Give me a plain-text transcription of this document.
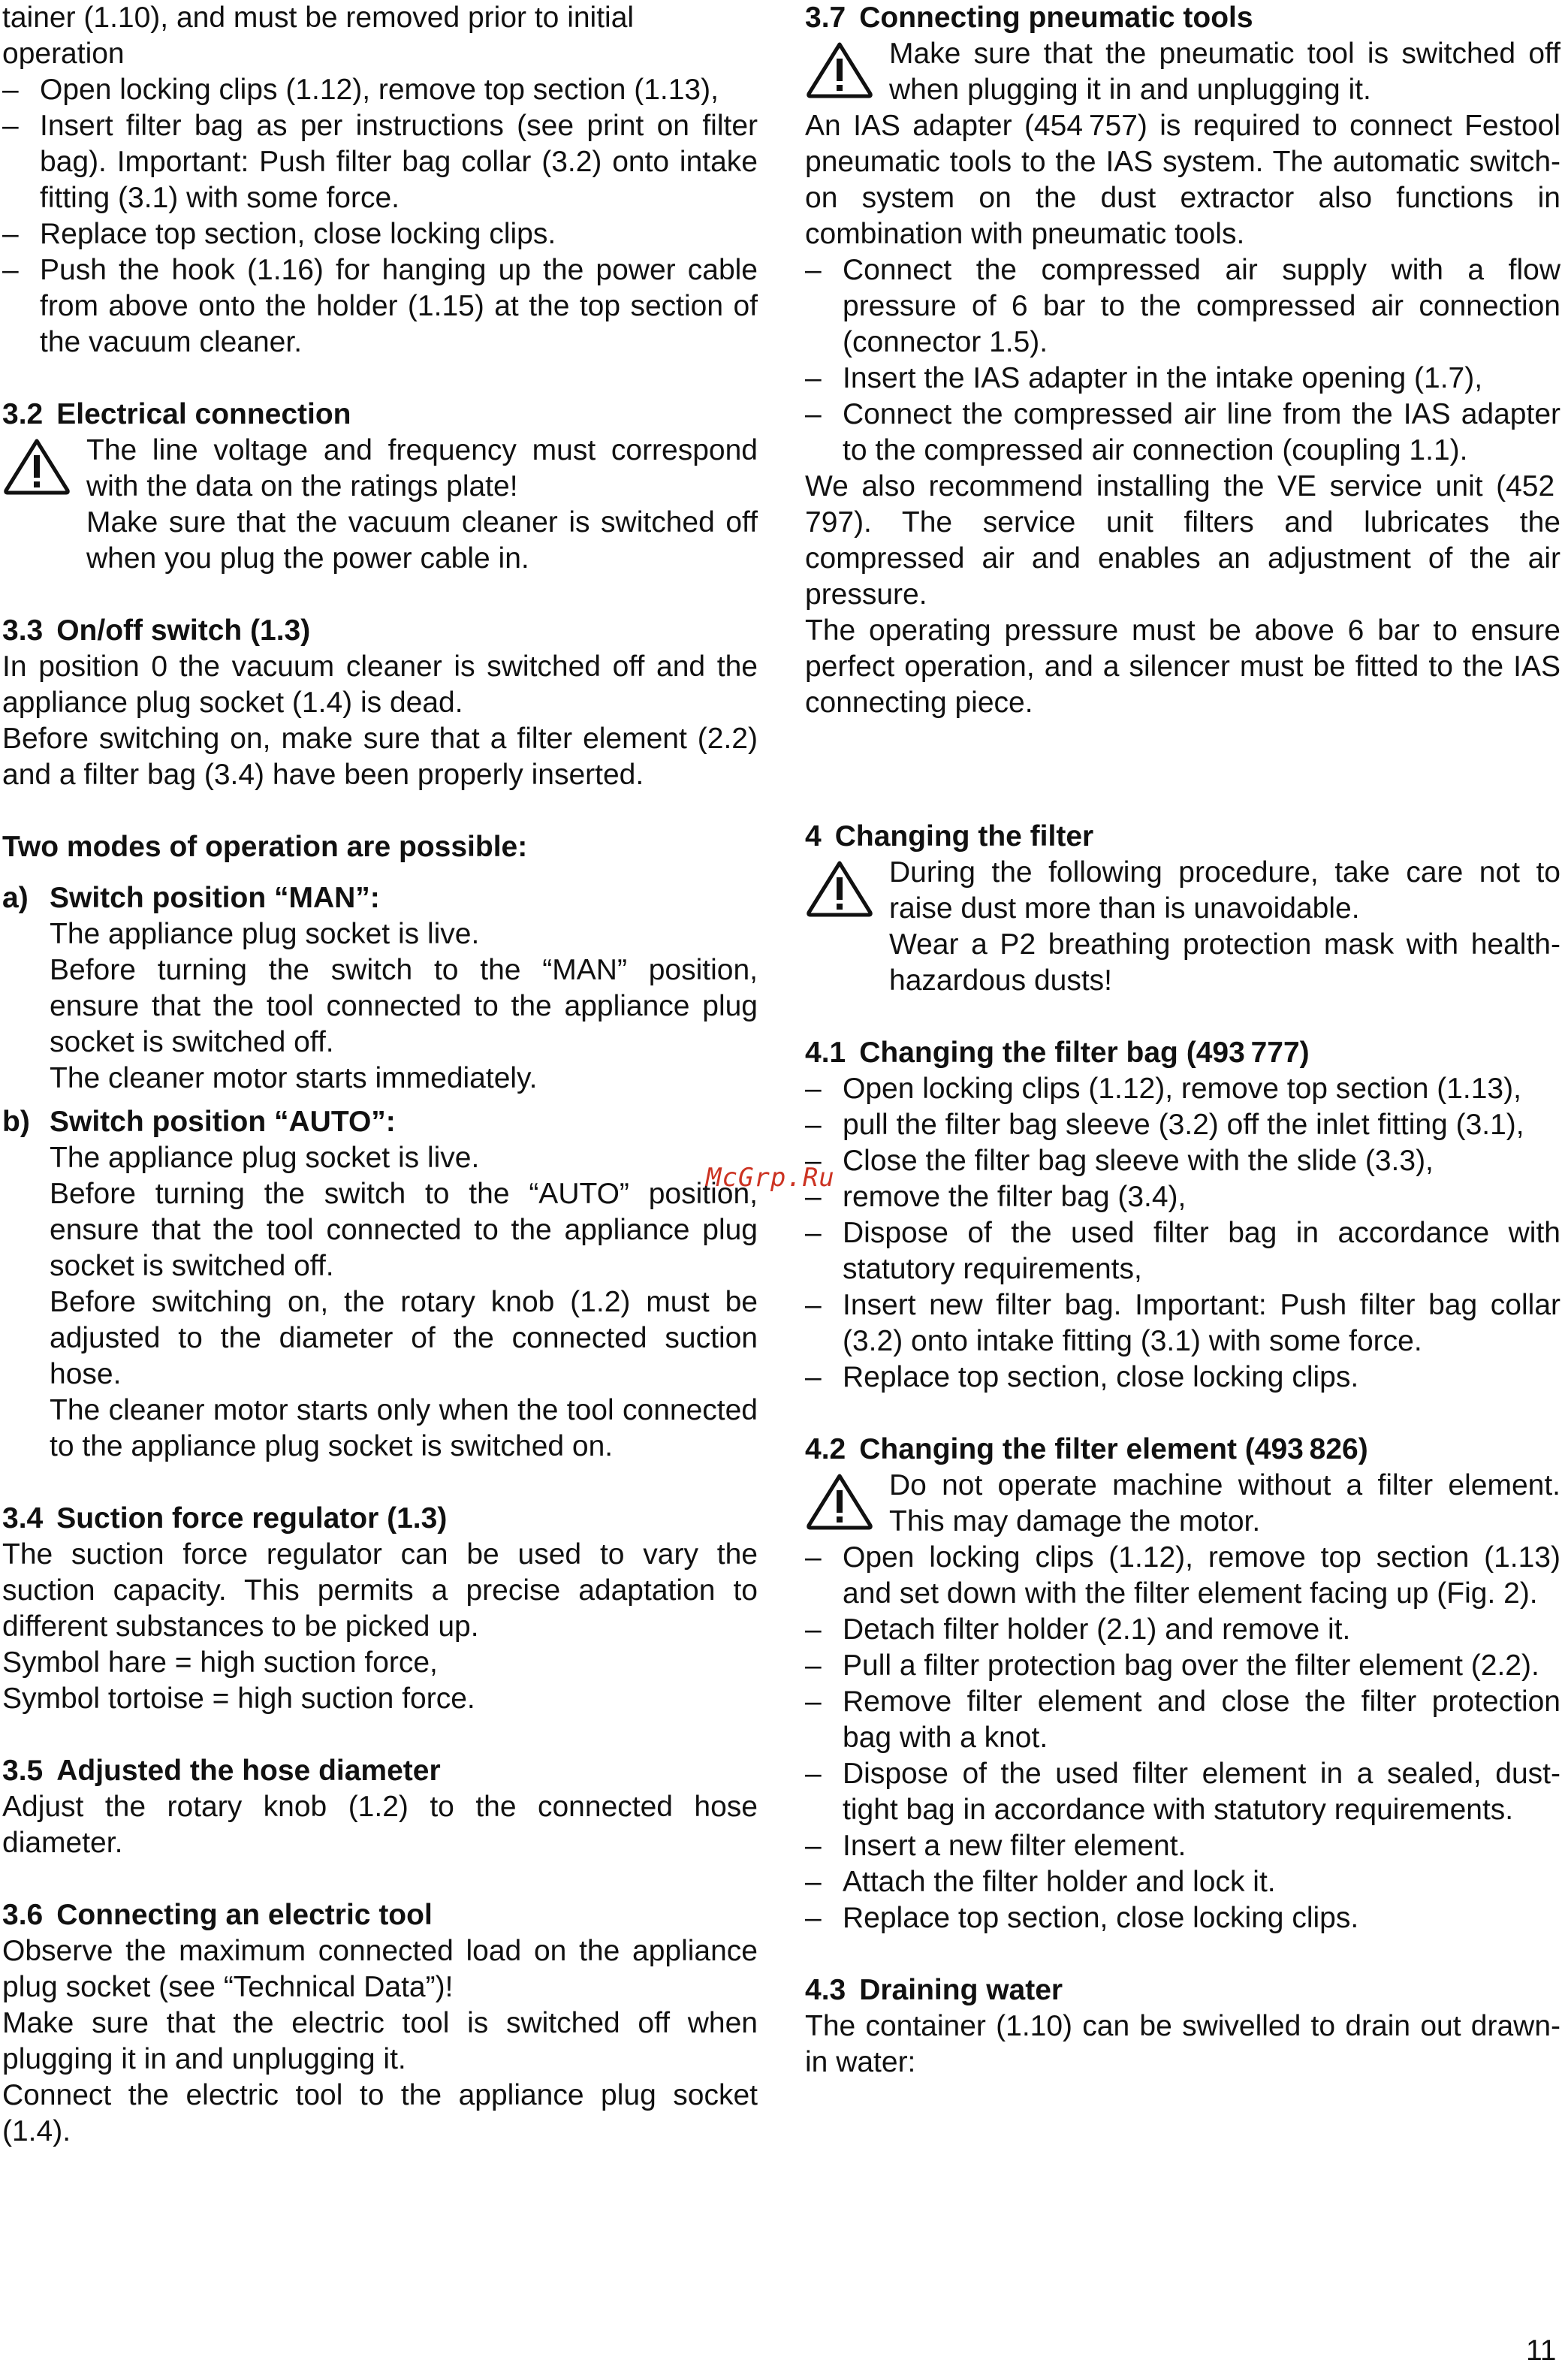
tainer (1.10), and must be removed prior to initial

operation

– Open locking clips (1.12), remove top section (1.13),

– Insert filter bag as per instructions (see print on filter bag). Important: Push filter bag collar (3.2) onto intake fitting (3.1) with some force.

– Replace top section, close locking clips.

– Push the hook (1.16) for hanging up the power cable from above onto the holder (1.15) at the top section of the vacuum cleaner.

3.2 Electrical connection

The line voltage and frequency must correspond with the data on the ratings plate!

Make sure that the vacuum cleaner is switched off when you plug the power cable in.

3.3 On/off switch (1.3)

In position 0 the vacuum cleaner is switched off and the appliance plug socket (1.4) is dead.

Before switching on, make sure that a filter element (2.2) and a filter bag (3.4) have been properly inserted.

Two modes of operation are possible:
a) Switch position “MAN”:

The appliance plug socket is live.

Before turning the switch to the “MAN” position, ensure that the tool connected to the appliance plug socket is switched off.

The cleaner motor starts immediately.

b) Switch position “AUTO”:

The appliance plug socket is live.

Before turning the switch to the “AUTO” position, ensure that the tool connected to the appliance plug socket is switched off.

Before switching on, the rotary knob (1.2) must be adjusted to the diameter of the connected suction hose.

The cleaner motor starts only when the tool connected to the appliance plug socket is switched on.

3.4 Suction force regulator (1.3)

The suction force regulator can be used to vary the suction capacity. This permits a precise adaptation to different substances to be picked up.

Symbol hare = high suction force,

Symbol tortoise = high suction force.

3.5 Adjusted the hose diameter

Adjust the rotary knob (1.2) to the connected hose diameter.

3.6 Connecting an electric tool

Observe the maximum connected load on the appliance plug socket (see “Technical Data”)!

Make sure that the electric tool is switched off when plugging it in and unplugging it.

Connect the electric tool to the appliance plug socket (1.4).

3.7 Connecting pneumatic tools

Make sure that the pneumatic tool is switched off when plugging it in and unplugging it.

An IAS adapter (454 757) is required to connect Festool pneumatic tools to the IAS system. The automatic switch-on system on the dust extractor also functions in combination with pneumatic tools.

– Connect the compressed air supply with a flow pressure of 6 bar to the compressed air connection (connector 1.5).

– Insert the IAS adapter in the intake opening (1.7),

– Connect the compressed air line from the IAS adapter to the compressed air connection (coupling 1.1).

We also recommend installing the VE service unit (452 797). The service unit filters and lubricates the compressed air and enables an adjustment of the air pressure.

The operating pressure must be above 6 bar to ensure perfect operation, and a silencer must be fitted to the IAS connecting piece.

4 Changing the filter

During the following procedure, take care not to raise dust more than is unavoidable.

Wear a P2 breathing protection mask with health-hazardous dusts!

4.1 Changing the filter bag (493 777)

– Open locking clips (1.12), remove top section (1.13),

– pull the filter bag sleeve (3.2) off the inlet fitting (3.1),

– Close the filter bag sleeve with the slide (3.3),

– remove the filter bag (3.4),

– Dispose of the used filter bag in accordance with statutory requirements,

– Insert new filter bag. Important: Push filter bag collar (3.2) onto intake fitting (3.1) with some force.

– Replace top section, close locking clips.

4.2 Changing the filter element (493 826)

Do not operate machine without a filter element. This may damage the motor.

– Open locking clips (1.12), remove top section (1.13) and set down with the filter element facing up (Fig. 2).

– Detach filter holder (2.1) and remove it.

– Pull a filter protection bag over the filter element (2.2).

– Remove filter element and close the filter protection bag with a knot.

– Dispose of the used filter element in a sealed, dust-tight bag in accordance with statutory requirements.

– Insert a new filter element.

– Attach the filter holder and lock it.

– Replace top section, close locking clips.

4.3 Draining water

The container (1.10) can be swivelled to drain out drawn-in water:

McGrp.Ru
11
